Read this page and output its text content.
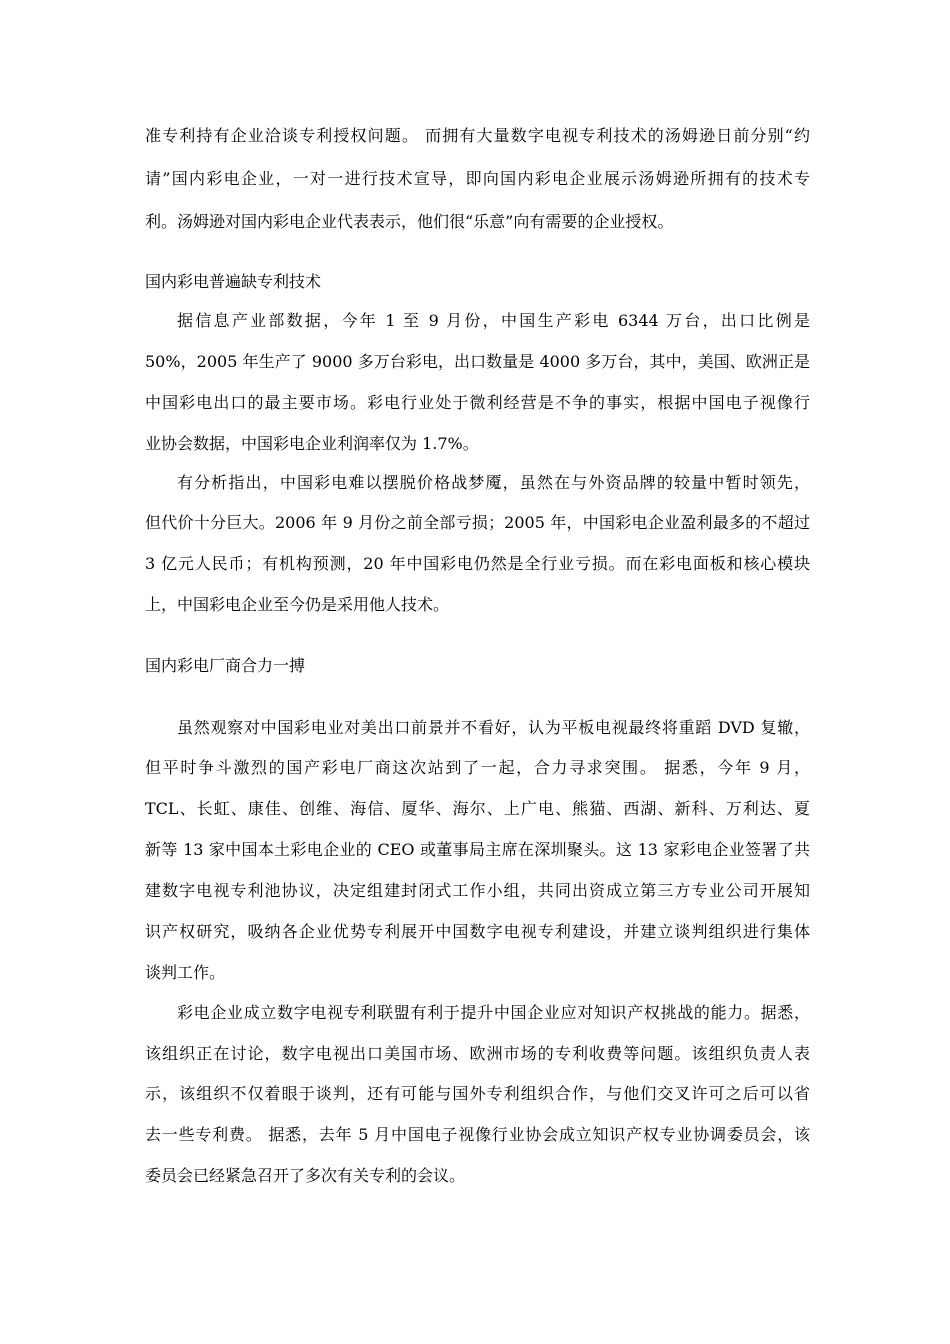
准专利持有企业洽谈专利授权问题。 而拥有大量数字电视专利技术的汤姆逊日前分别“约
请”国内彩电企业，一对一进行技术宣导，即向国内彩电企业展示汤姆逊所拥有的技术专
利。汤姆逊对国内彩电企业代表表示，他们很“乐意”向有需要的企业授权。
国内彩电普遍缺专利技术
据信息产业部数据，今年 1 至 9 月份，中国生产彩电 6344 万台，出口比例是
50%，2005 年生产了 9000 多万台彩电，出口数量是 4000 多万台，其中，美国、欧洲正是
中国彩电出口的最主要市场。彩电行业处于微利经营是不争的事实，根据中国电子视像行
业协会数据，中国彩电企业利润率仅为 1.7%。
有分析指出，中国彩电难以摆脱价格战梦魇，虽然在与外资品牌的较量中暂时领先，
但代价十分巨大。2006 年 9 月份之前全部亏损；2005 年，中国彩电企业盈利最多的不超过
3 亿元人民币；有机构预测，20 年中国彩电仍然是全行业亏损。而在彩电面板和核心模块
上，中国彩电企业至今仍是采用他人技术。
国内彩电厂商合力一搏
虽然观察对中国彩电业对美出口前景并不看好，认为平板电视最终将重蹈 DVD 复辙，
但平时争斗激烈的国产彩电厂商这次站到了一起，合力寻求突围。 据悉，今年 9 月，
TCL、长虹、康佳、创维、海信、厦华、海尔、上广电、熊猫、西湖、新科、万利达、夏
新等 13 家中国本土彩电企业的 CEO 或董事局主席在深圳聚头。这 13 家彩电企业签署了共
建数字电视专利池协议，决定组建封闭式工作小组，共同出资成立第三方专业公司开展知
识产权研究，吸纳各企业优势专利展开中国数字电视专利建设，并建立谈判组织进行集体
谈判工作。
彩电企业成立数字电视专利联盟有利于提升中国企业应对知识产权挑战的能力。据悉，
该组织正在讨论，数字电视出口美国市场、欧洲市场的专利收费等问题。该组织负责人表
示，该组织不仅着眼于谈判，还有可能与国外专利组织合作，与他们交叉许可之后可以省
去一些专利费。 据悉，去年 5 月中国电子视像行业协会成立知识产权专业协调委员会，该
委员会已经紧急召开了多次有关专利的会议。
